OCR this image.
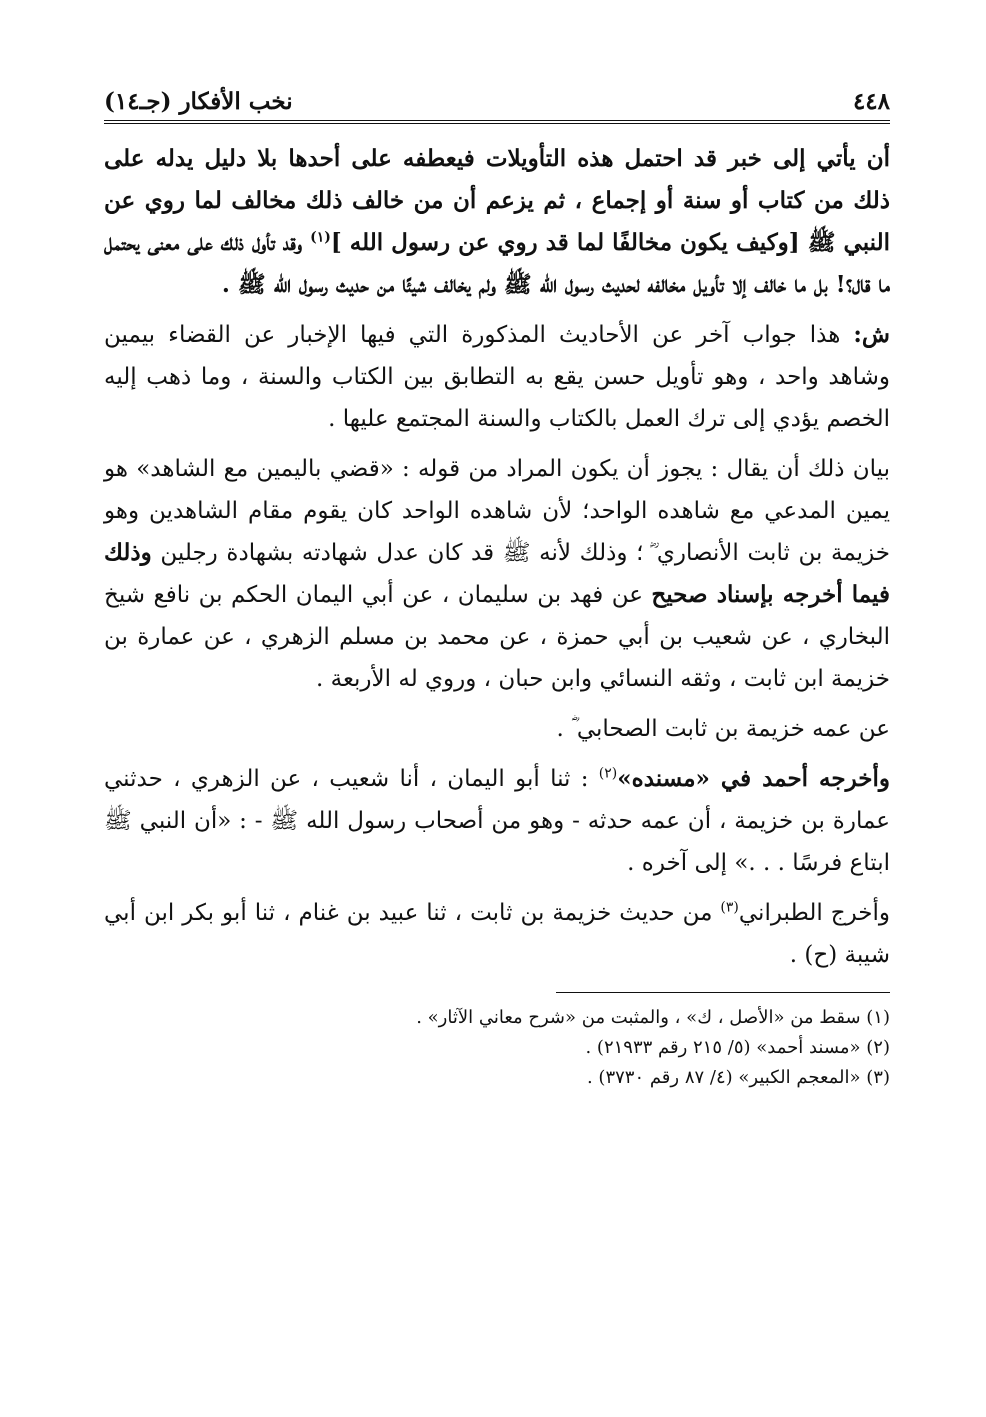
٤٤٨
نخب الأفكار (جـ١٤)

أن يأتي إلى خبر قد احتمل هذه التأويلات فيعطفه على أحدها بلا دليل يدله على ذلك من كتاب أو سنة أو إجماع ، ثم يزعم أن من خالف ذلك مخالف لما روي عن النبي ﷺ [وكيف يكون مخالفًا لما قد روي عن رسول الله ]$^{(١)}$ وقد تأول ذلك على معنى يحتمل ما قال؟! بل ما خالف إلا تأويل مخالفه لحديث رسول الله ﷺ ولم يخالف شيئًا من حديث رسول الله ﷺ .

ش: هذا جواب آخر عن الأحاديث المذكورة التي فيها الإخبار عن القضاء بيمين وشاهد واحد ، وهو تأويل حسن يقع به التطابق بين الكتاب والسنة ، وما ذهب إليه الخصم يؤدي إلى ترك العمل بالكتاب والسنة المجتمع عليها .

بيان ذلك أن يقال : يجوز أن يكون المراد من قوله : «قضي باليمين مع الشاهد» هو يمين المدعي مع شاهده الواحد؛ لأن شاهده الواحد كان يقوم مقام الشاهدين وهو خزيمة بن ثابت الأنصاري ؓ ؛ وذلك لأنه ﷺ قد كان عدل شهادته بشهادة رجلين وذلك فيما أخرجه بإسناد صحيح عن فهد بن سليمان ، عن أبي اليمان الحكم بن نافع شيخ البخاري ، عن شعيب بن أبي حمزة ، عن محمد بن مسلم الزهري ، عن عمارة بن خزيمة ابن ثابت ، وثقه النسائي وابن حبان ، وروي له الأربعة .

عن عمه خزيمة بن ثابت الصحابي ؓ .

وأخرجه أحمد في «مسنده»$^{(٢)}$ : ثنا أبو اليمان ، أنا شعيب ، عن الزهري ، حدثني عمارة بن خزيمة ، أن عمه حدثه - وهو من أصحاب رسول الله ﷺ - : «أن النبي ﷺ ابتاع فرسًا . . .» إلى آخره .

وأخرج الطبراني$^{(٣)}$ من حديث خزيمة بن ثابت ، ثنا عبيد بن غنام ، ثنا أبو بكر ابن أبي شيبة (ح) .

(١) سقط من «الأصل ، ك» ، والمثبت من «شرح معاني الآثار» .
(٢) «مسند أحمد» (٥/ ٢١٥ رقم ٢١٩٣٣) .
(٣) «المعجم الكبير» (٤/ ٨٧ رقم ٣٧٣٠) .
